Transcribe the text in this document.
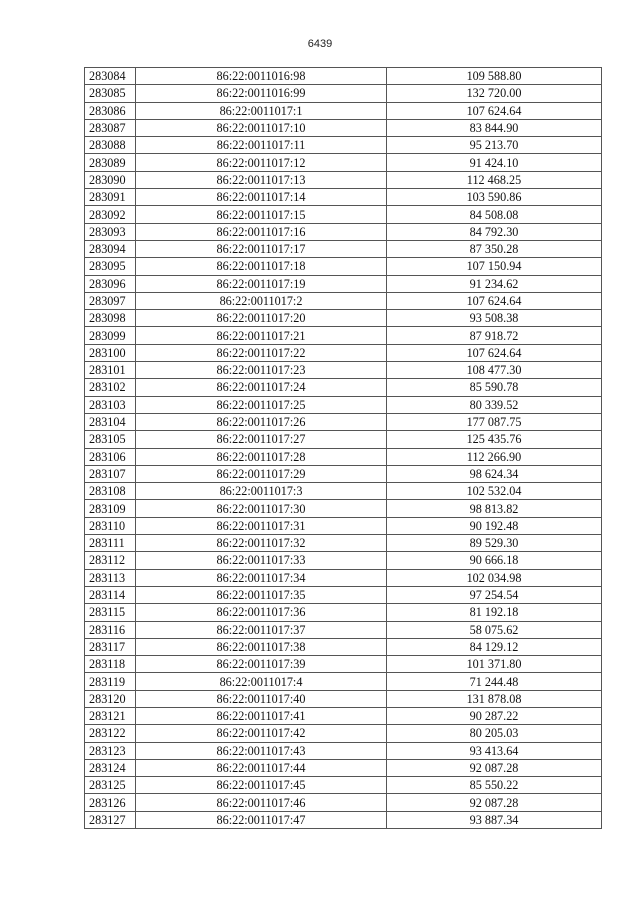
6439
283084	86:22:0011016:98	109 588.80
283085	86:22:0011016:99	132 720.00
283086	86:22:0011017:1	107 624.64
283087	86:22:0011017:10	83 844.90
283088	86:22:0011017:11	95 213.70
283089	86:22:0011017:12	91 424.10
283090	86:22:0011017:13	112 468.25
283091	86:22:0011017:14	103 590.86
283092	86:22:0011017:15	84 508.08
283093	86:22:0011017:16	84 792.30
283094	86:22:0011017:17	87 350.28
283095	86:22:0011017:18	107 150.94
283096	86:22:0011017:19	91 234.62
283097	86:22:0011017:2	107 624.64
283098	86:22:0011017:20	93 508.38
283099	86:22:0011017:21	87 918.72
283100	86:22:0011017:22	107 624.64
283101	86:22:0011017:23	108 477.30
283102	86:22:0011017:24	85 590.78
283103	86:22:0011017:25	80 339.52
283104	86:22:0011017:26	177 087.75
283105	86:22:0011017:27	125 435.76
283106	86:22:0011017:28	112 266.90
283107	86:22:0011017:29	98 624.34
283108	86:22:0011017:3	102 532.04
283109	86:22:0011017:30	98 813.82
283110	86:22:0011017:31	90 192.48
283111	86:22:0011017:32	89 529.30
283112	86:22:0011017:33	90 666.18
283113	86:22:0011017:34	102 034.98
283114	86:22:0011017:35	97 254.54
283115	86:22:0011017:36	81 192.18
283116	86:22:0011017:37	58 075.62
283117	86:22:0011017:38	84 129.12
283118	86:22:0011017:39	101 371.80
283119	86:22:0011017:4	71 244.48
283120	86:22:0011017:40	131 878.08
283121	86:22:0011017:41	90 287.22
283122	86:22:0011017:42	80 205.03
283123	86:22:0011017:43	93 413.64
283124	86:22:0011017:44	92 087.28
283125	86:22:0011017:45	85 550.22
283126	86:22:0011017:46	92 087.28
283127	86:22:0011017:47	93 887.34
